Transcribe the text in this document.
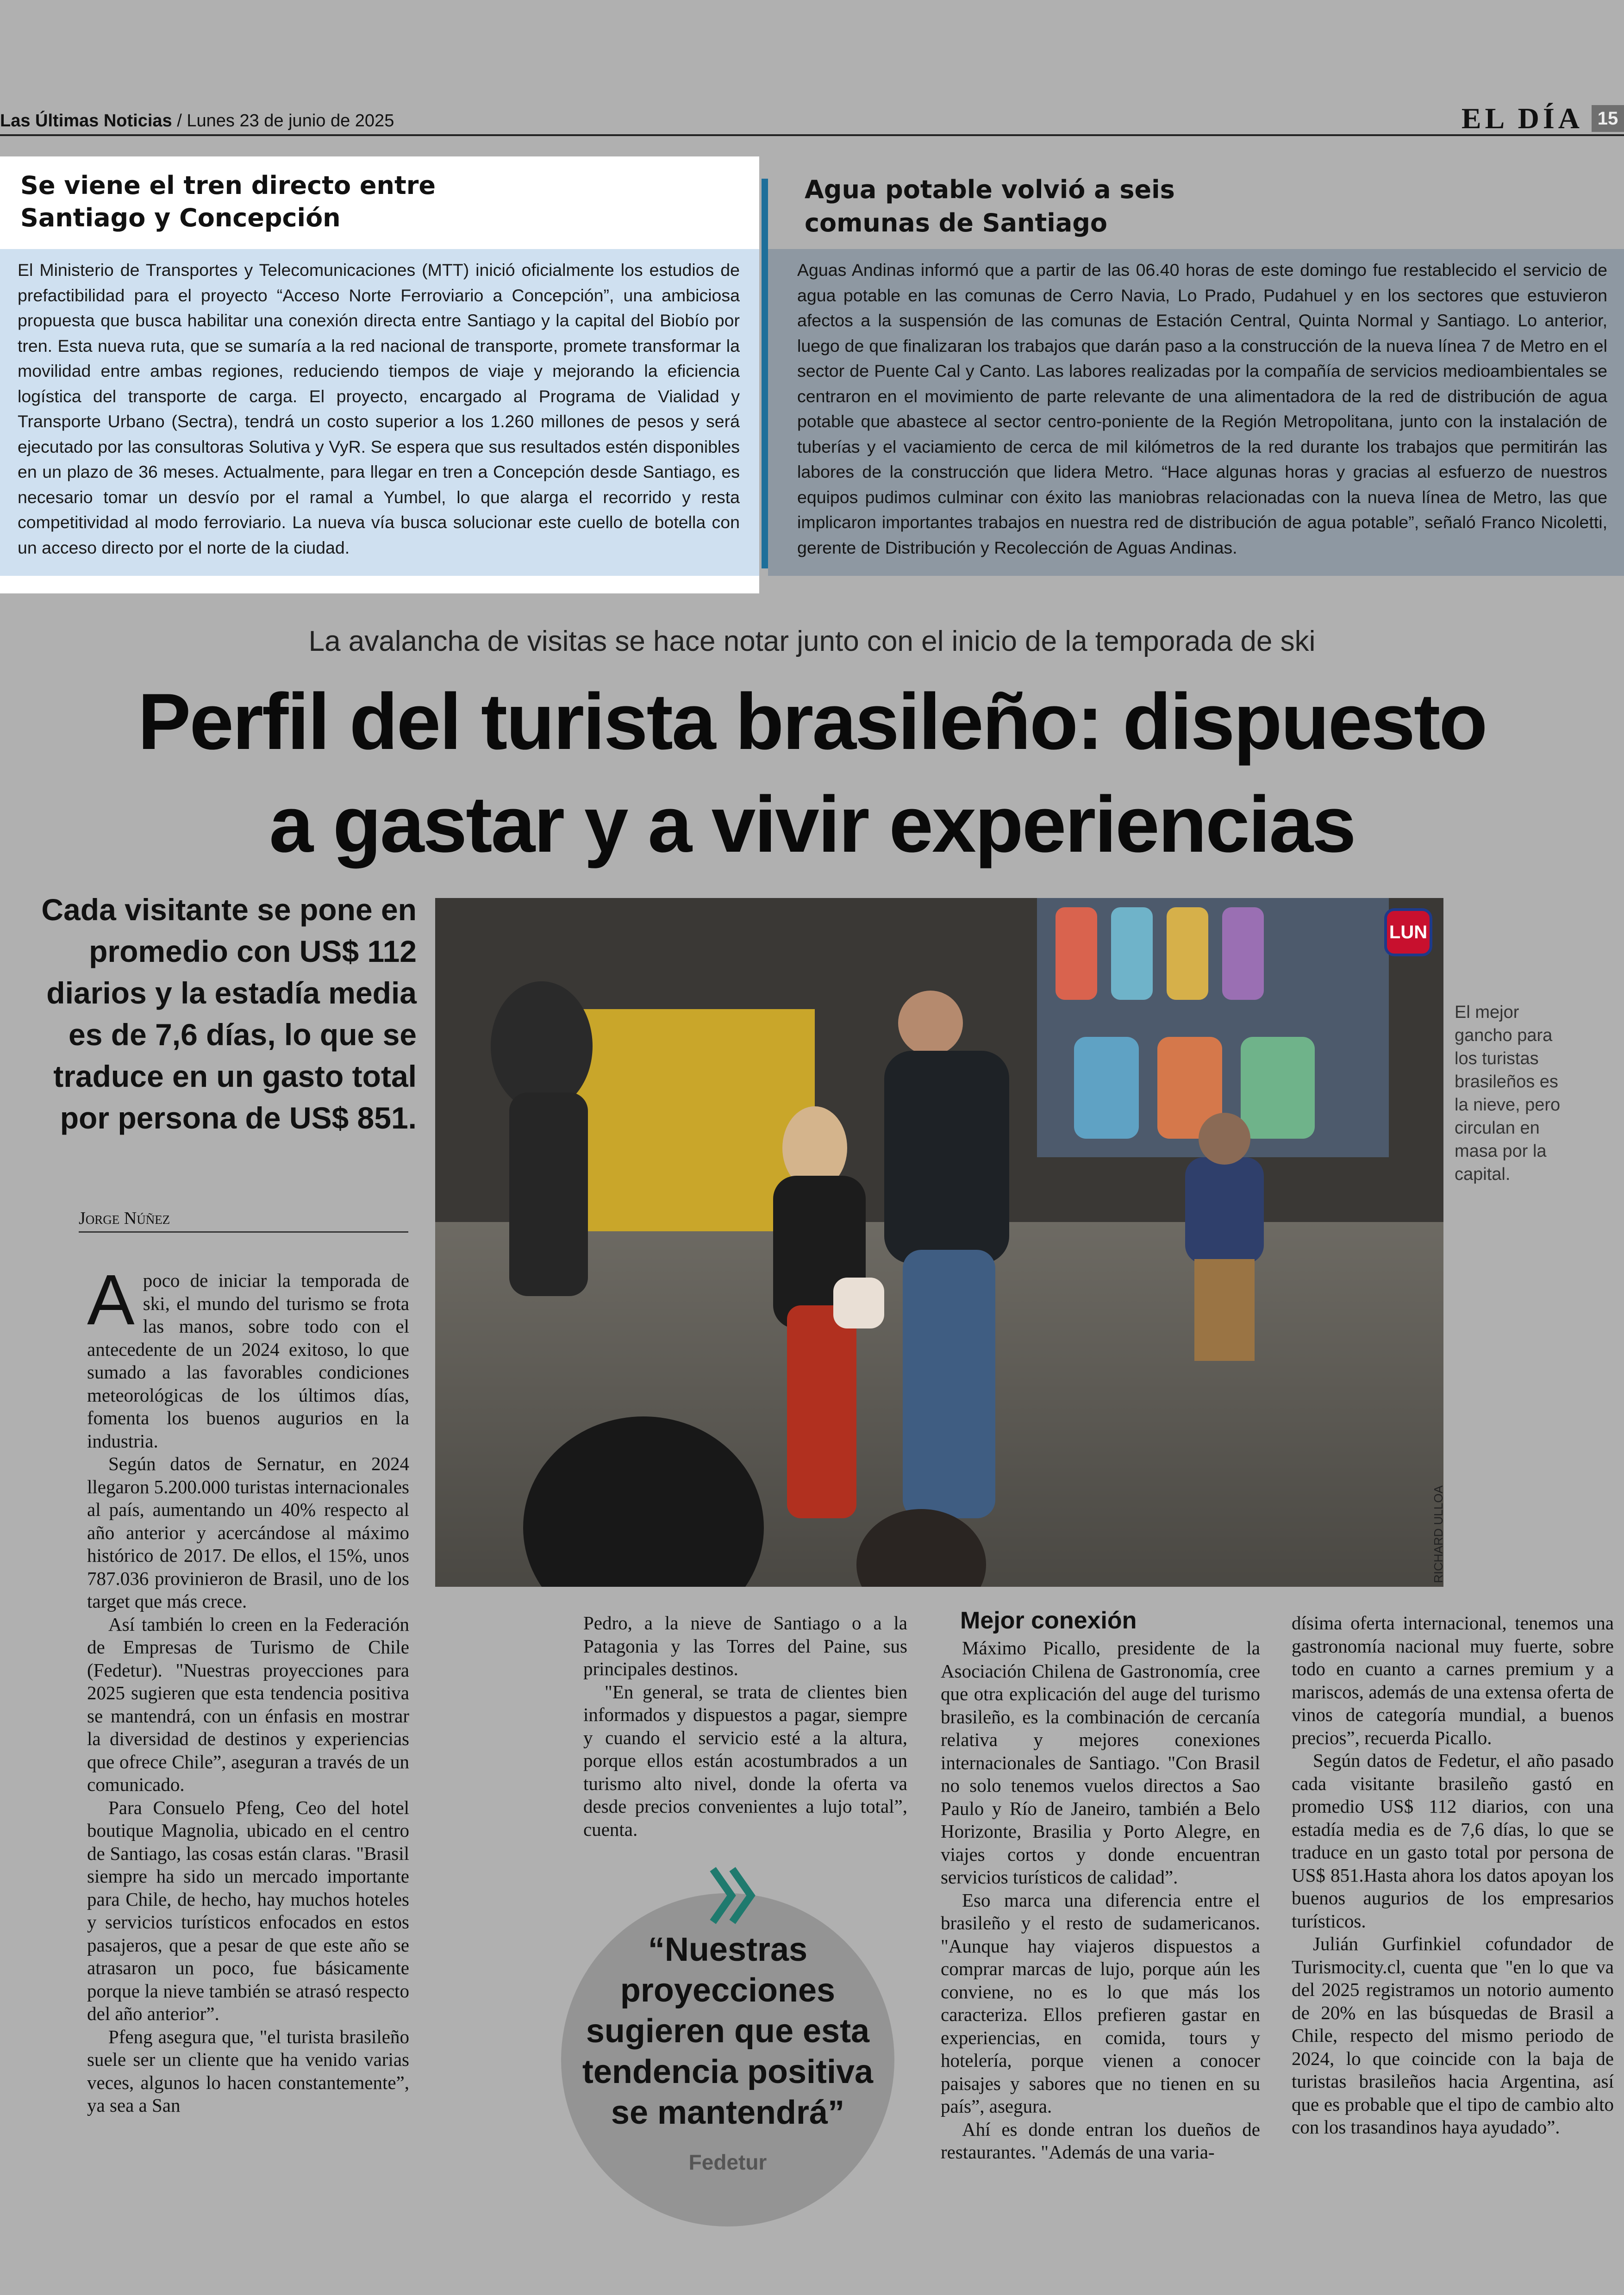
Las Últimas Noticias / Lunes 23 de junio de 2025	EL DÍA 15
Se viene el tren directo entre
Santiago y Concepción
El Ministerio de Transportes y Telecomunicaciones (MTT) inició oficialmente los estudios de prefactibilidad para el proyecto “Acceso Norte Ferroviario a Concepción”, una ambiciosa propuesta que busca habilitar una conexión directa entre Santiago y la capital del Biobío por tren. Esta nueva ruta, que se sumaría a la red nacional de transporte, promete transformar la movilidad entre ambas regiones, reduciendo tiempos de viaje y mejorando la eficiencia logística del transporte de carga. El proyecto, encargado al Programa de Vialidad y Transporte Urbano (Sectra), tendrá un costo superior a los 1.260 millones de pesos y será ejecutado por las consultoras Solutiva y VyR. Se espera que sus resultados estén disponibles en un plazo de 36 meses. Actualmente, para llegar en tren a Concepción desde Santiago, es necesario tomar un desvío por el ramal a Yumbel, lo que alarga el recorrido y resta competitividad al modo ferroviario. La nueva vía busca solucionar este cuello de botella con un acceso directo por el norte de la ciudad.
Agua potable volvió a seis
comunas de Santiago
Aguas Andinas informó que a partir de las 06.40 horas de este domingo fue restablecido el servicio de agua potable en las comunas de Cerro Navia, Lo Prado, Pudahuel y en los sectores que estuvieron afectos a la suspensión de las comunas de Estación Central, Quinta Normal y Santiago. Lo anterior, luego de que finalizaran los trabajos que darán paso a la construcción de la nueva línea 7 de Metro en el sector de Puente Cal y Canto. Las labores realizadas por la compañía de servicios medioambientales se centraron en el movimiento de parte relevante de una alimentadora de la red de distribución de agua potable que abastece al sector centro-poniente de la Región Metropolitana, junto con la instalación de tuberías y el vaciamiento de cerca de mil kilómetros de la red durante los trabajos que permitirán las labores de la construcción que lidera Metro. “Hace algunas horas y gracias al esfuerzo de nuestros equipos pudimos culminar con éxito las maniobras relacionadas con la nueva línea de Metro, las que implicaron importantes trabajos en nuestra red de distribución de agua potable”, señaló Franco Nicoletti, gerente de Distribución y Recolección de Aguas Andinas.
La avalancha de visitas se hace notar junto con el inicio de la temporada de ski
Perfil del turista brasileño: dispuesto
a gastar y a vivir experiencias
Cada visitante se pone en promedio con US$ 112 diarios y la estadía media es de 7,6 días, lo que se traduce en un gasto total por persona de US$ 851.
Jorge Núñez
LUN
RICHARD ULLOA
El mejor gancho para los turistas brasileños es la nieve, pero circulan en masa por la capital.

Apoco de iniciar la temporada de ski, el mundo del turismo se frota las manos, sobre todo con el antecedente de un 2024 exitoso, lo que sumado a las favorables condiciones meteorológicas de los últimos días, fomenta los buenos augurios en la industria.

Según datos de Sernatur, en 2024 llegaron 5.200.000 turistas internacionales al país, aumentando un 40% respecto al año anterior y acercándose al máximo histórico de 2017. De ellos, el 15%, unos 787.036 provinieron de Brasil, uno de los target que más crece.

Así también lo creen en la Federación de Empresas de Turismo de Chile (Fedetur). "Nuestras proyecciones para 2025 sugieren que esta tendencia positiva se mantendrá, con un énfasis en mostrar la diversidad de destinos y experiencias que ofrece Chile”, aseguran a través de un comunicado.

Para Consuelo Pfeng, Ceo del hotel boutique Magnolia, ubicado en el centro de Santiago, las cosas están claras. "Brasil siempre ha sido un mercado importante para Chile, de hecho, hay muchos hoteles y servicios turísticos enfocados en estos pasajeros, que a pesar de que este año se atrasaron un poco, fue básicamente porque la nieve también se atrasó respecto del año anterior”.

Pfeng asegura que, "el turista brasileño suele ser un cliente que ha venido varias veces, algunos lo hacen constantemente”, ya sea a San

Pedro, a la nieve de Santiago o a la Patagonia y las Torres del Paine, sus principales destinos.

"En general, se trata de clientes bien informados y dispuestos a pagar, siempre y cuando el servicio esté a la altura, porque ellos están acostumbrados a un turismo alto nivel, donde la oferta va desde precios convenientes a lujo total”, cuenta.

“Nuestras proyecciones sugieren que esta tendencia positiva se mantendrá”
Fedetur

Mejor conexión

Máximo Picallo, presidente de la Asociación Chilena de Gastronomía, cree que otra explicación del auge del turismo brasileño, es la combinación de cercanía relativa y mejores conexiones internacionales de Santiago. "Con Brasil no solo tenemos vuelos directos a Sao Paulo y Río de Janeiro, también a Belo Horizonte, Brasilia y Porto Alegre, en viajes cortos y donde encuentran servicios turísticos de calidad”.

Eso marca una diferencia entre el brasileño y el resto de sudamericanos. "Aunque hay viajeros dispuestos a comprar marcas de lujo, porque aún les conviene, no es lo que más los caracteriza. Ellos prefieren gastar en experiencias, en comida, tours y hotelería, porque vienen a conocer paisajes y sabores que no tienen en su país”, asegura.

Ahí es donde entran los dueños de restaurantes. "Además de una varia-

dísima oferta internacional, tenemos una gastronomía nacional muy fuerte, sobre todo en cuanto a carnes premium y a mariscos, además de una extensa oferta de vinos de categoría mundial, a buenos precios”, recuerda Picallo.

Según datos de Fedetur, el año pasado cada visitante brasileño gastó en promedio US$ 112 diarios, con una estadía media es de 7,6 días, lo que se traduce en un gasto total por persona de US$ 851.Hasta ahora los datos apoyan los buenos augurios de los empresarios turísticos.

Julián Gurfinkiel cofundador de Turismocity.cl, cuenta que "en lo que va del 2025 registramos un notorio aumento de 20% en las búsquedas de Brasil a Chile, respecto del mismo periodo de 2024, lo que coincide con la baja de turistas brasileños hacia Argentina, así que es probable que el tipo de cambio alto con los trasandinos haya ayudado”.
